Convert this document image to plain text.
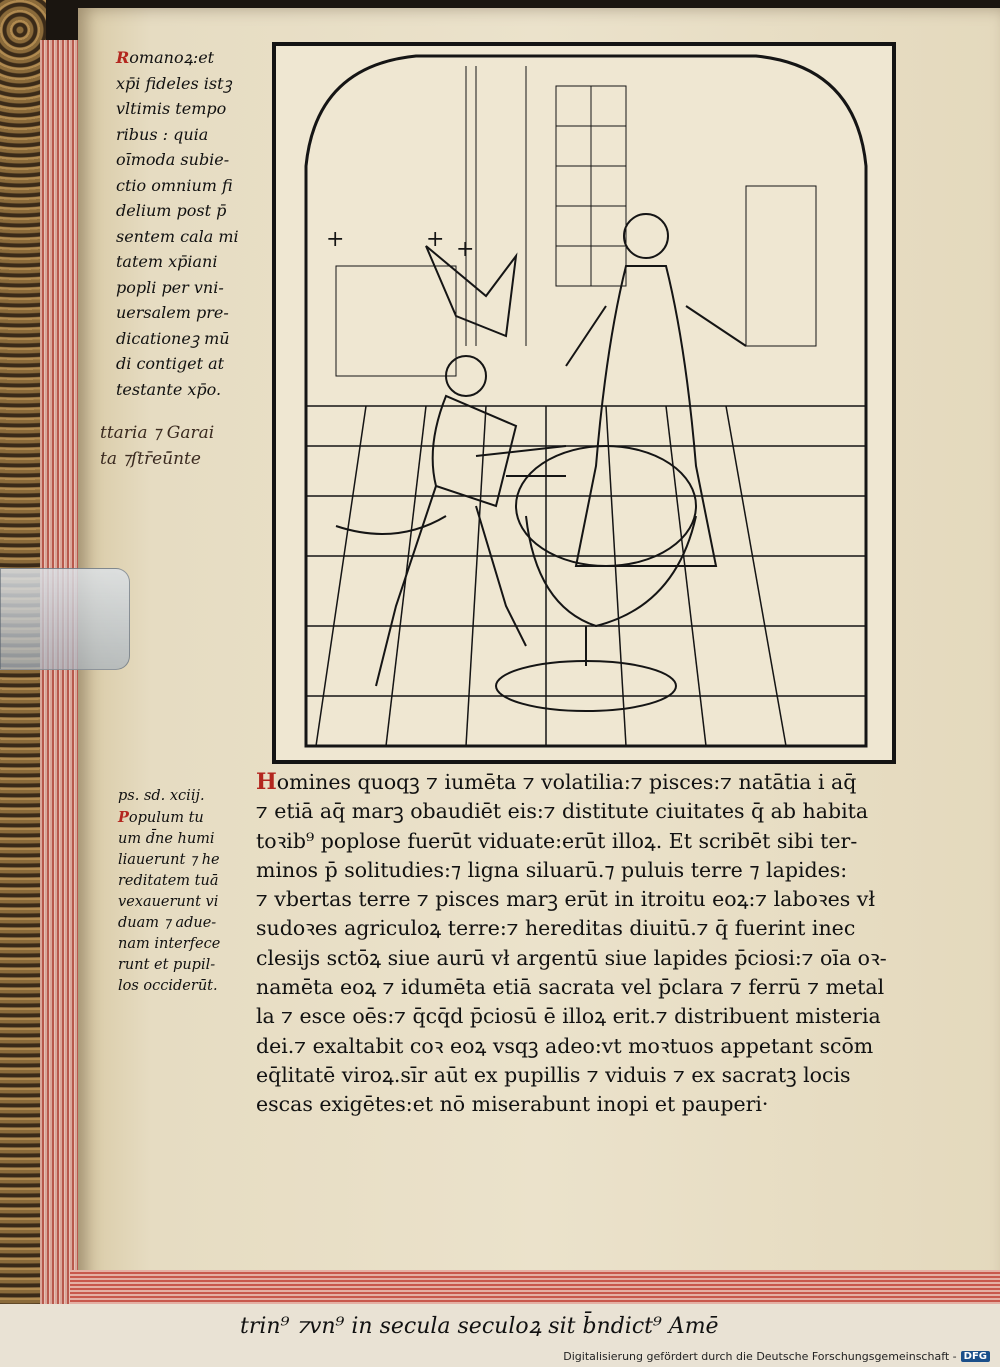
Romanoꝝ:et
xp̄i fideles istꝫ
vltimis tempo
ribus : quia
oīmoda subie-
ctio omnium fi
delium post p̄
sentem cala mi
tatem xp̄iani
popli per vni-
uersalem pre-
dicationeꝫ mū
di contiget at
testante xp̄o.
ttaria ⁊ Garai
ta ⁊ſtr̄eū̄nte
+	+ +
ps. sd. xciij.
Populum tu
um d̄ne humi
liauerunt ⁊ he
reditatem tuā
vexauerunt vi
duam ⁊ adue-
nam interfece
runt et pupil-
los occiderūt.
Homines quoqꝫ ⁊ iumēta ⁊ volatilia:⁊ pisces:⁊ natātia i aq̄
⁊ etiā aq̄ marꝫ obaudiēt eis:⁊ distitute ciuitates q̄ ab habita
toꝛib⁹ poplose fuerūt viduate:erūt illoꝝ. Et scribēt sibi ter-
minos p̄ solitudies:⁊ ligna siluarū.⁊ puluis terre ⁊ lapides:
⁊ vbertas terre ⁊ pisces marꝫ erūt in itroitu eoꝝ:⁊ laboꝛes vł
sudoꝛes agriculoꝝ terre:⁊ hereditas diuitū.⁊ q̄ fuerint inec
clesijs sctōꝝ siue aurū vł argentū siue lapides p̄ciosi:⁊ oīa oꝛ-
namēta eoꝝ ⁊ idumēta etiā sacrata vel p̄clara ⁊ ferrū ⁊ metal
la ⁊ esce oēs:⁊ q̄cq̄d p̄ciosū ē illoꝝ erit.⁊ distribuent misteria
dei.⁊ exaltabit coꝛ eoꝝ vsqꝫ adeo:vt moꝛtuos appetant scōm
eq̄litatē viroꝝ.sīr aūt ex pupillis ⁊ viduis ⁊ ex sacratꝫ locis
escas exigētes:et nō miserabunt inopi et pauperi·
trin⁹ ⁊vn⁹ in secula seculoꝝ sit b̄ndict⁹ Amē
Digitalisierung gefördert durch die Deutsche Forschungsgemeinschaft - DFG
